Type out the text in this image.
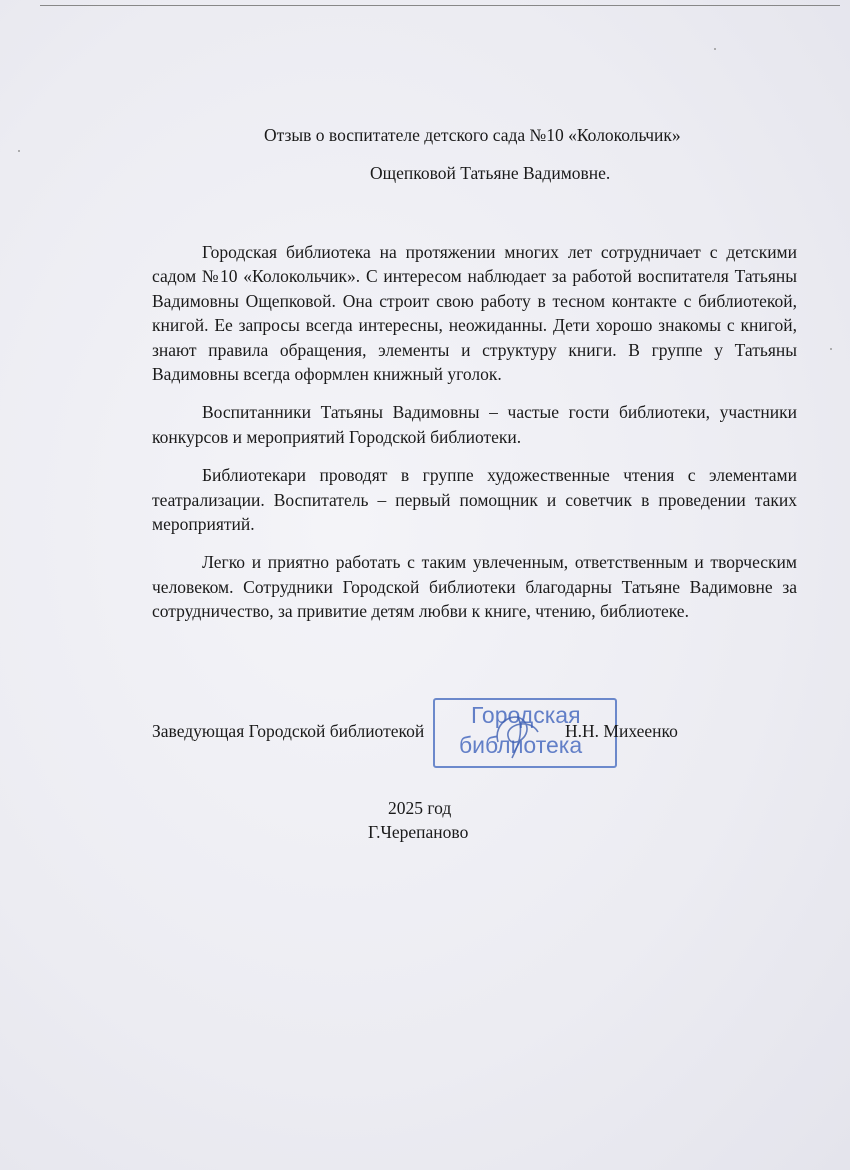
Отзыв о воспитателе детского сада №10 «Колокольчик»
Ощепковой Татьяне Вадимовне.

Городская библиотека на протяжении многих лет сотрудничает с детскими садом №10 «Колокольчик». С интересом наблюдает за работой воспитателя Татьяны Вадимовны Ощепковой. Она строит свою работу в тесном контакте с библиотекой, книгой. Ее запросы всегда интересны, неожиданны. Дети хорошо знакомы с книгой, знают правила обращения, элементы и структуру книги. В группе у Татьяны Вадимовны всегда оформлен книжный уголок.

Воспитанники Татьяны Вадимовны – частые гости библиотеки, участники конкурсов и мероприятий Городской библиотеки.

Библиотекари проводят в группе художественные чтения с элементами театрализации. Воспитатель – первый помощник и советчик в проведении таких мероприятий.

Легко и приятно работать с таким увлеченным, ответственным и творческим человеком. Сотрудники Городской библиотеки благодарны Татьяне Вадимовне за сотрудничество, за привитие детям любви к книге, чтению, библиотеке.

Заведующая Городской библиотекой
Городская
библиотека
Н.Н. Михеенко
2025 год
Г.Черепаново
